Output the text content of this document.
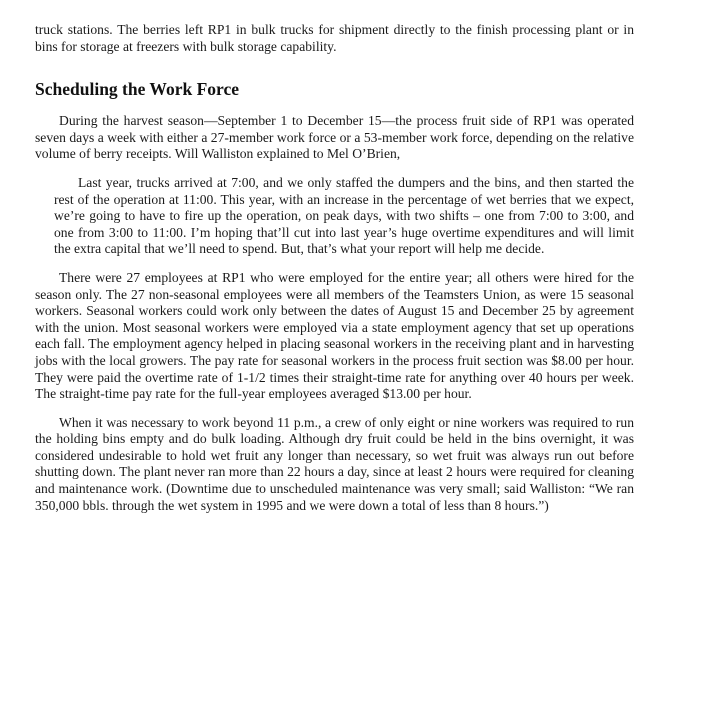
truck stations. The berries left RP1 in bulk trucks for shipment directly to the finish processing plant or in bins for storage at freezers with bulk storage capability.

Scheduling the Work Force

During the harvest season—September 1 to December 15—the process fruit side of RP1 was operated seven days a week with either a 27-member work force or a 53-member work force, depending on the relative volume of berry receipts. Will Walliston explained to Mel O’Brien,

Last year, trucks arrived at 7:00, and we only staffed the dumpers and the bins, and then started the rest of the operation at 11:00. This year, with an increase in the percentage of wet berries that we expect, we’re going to have to fire up the operation, on peak days, with two shifts – one from 7:00 to 3:00, and one from 3:00 to 11:00. I’m hoping that’ll cut into last year’s huge overtime expenditures and will limit the extra capital that we’ll need to spend. But, that’s what your report will help me decide.

There were 27 employees at RP1 who were employed for the entire year; all others were hired for the season only. The 27 non-seasonal employees were all members of the Teamsters Union, as were 15 seasonal workers. Seasonal workers could work only between the dates of August 15 and December 25 by agreement with the union. Most seasonal workers were employed via a state employment agency that set up operations each fall. The employment agency helped in placing seasonal workers in the receiving plant and in harvesting jobs with the local growers. The pay rate for seasonal workers in the process fruit section was $8.00 per hour. They were paid the overtime rate of 1-1/2 times their straight-time rate for anything over 40 hours per week. The straight-time pay rate for the full-year employees averaged $13.00 per hour.

When it was necessary to work beyond 11 p.m., a crew of only eight or nine workers was required to run the holding bins empty and do bulk loading. Although dry fruit could be held in the bins overnight, it was considered undesirable to hold wet fruit any longer than necessary, so wet fruit was always run out before shutting down. The plant never ran more than 22 hours a day, since at least 2 hours were required for cleaning and maintenance work. (Downtime due to unscheduled maintenance was very small; said Walliston: “We ran 350,000 bbls. through the wet system in 1995 and we were down a total of less than 8 hours.”)
